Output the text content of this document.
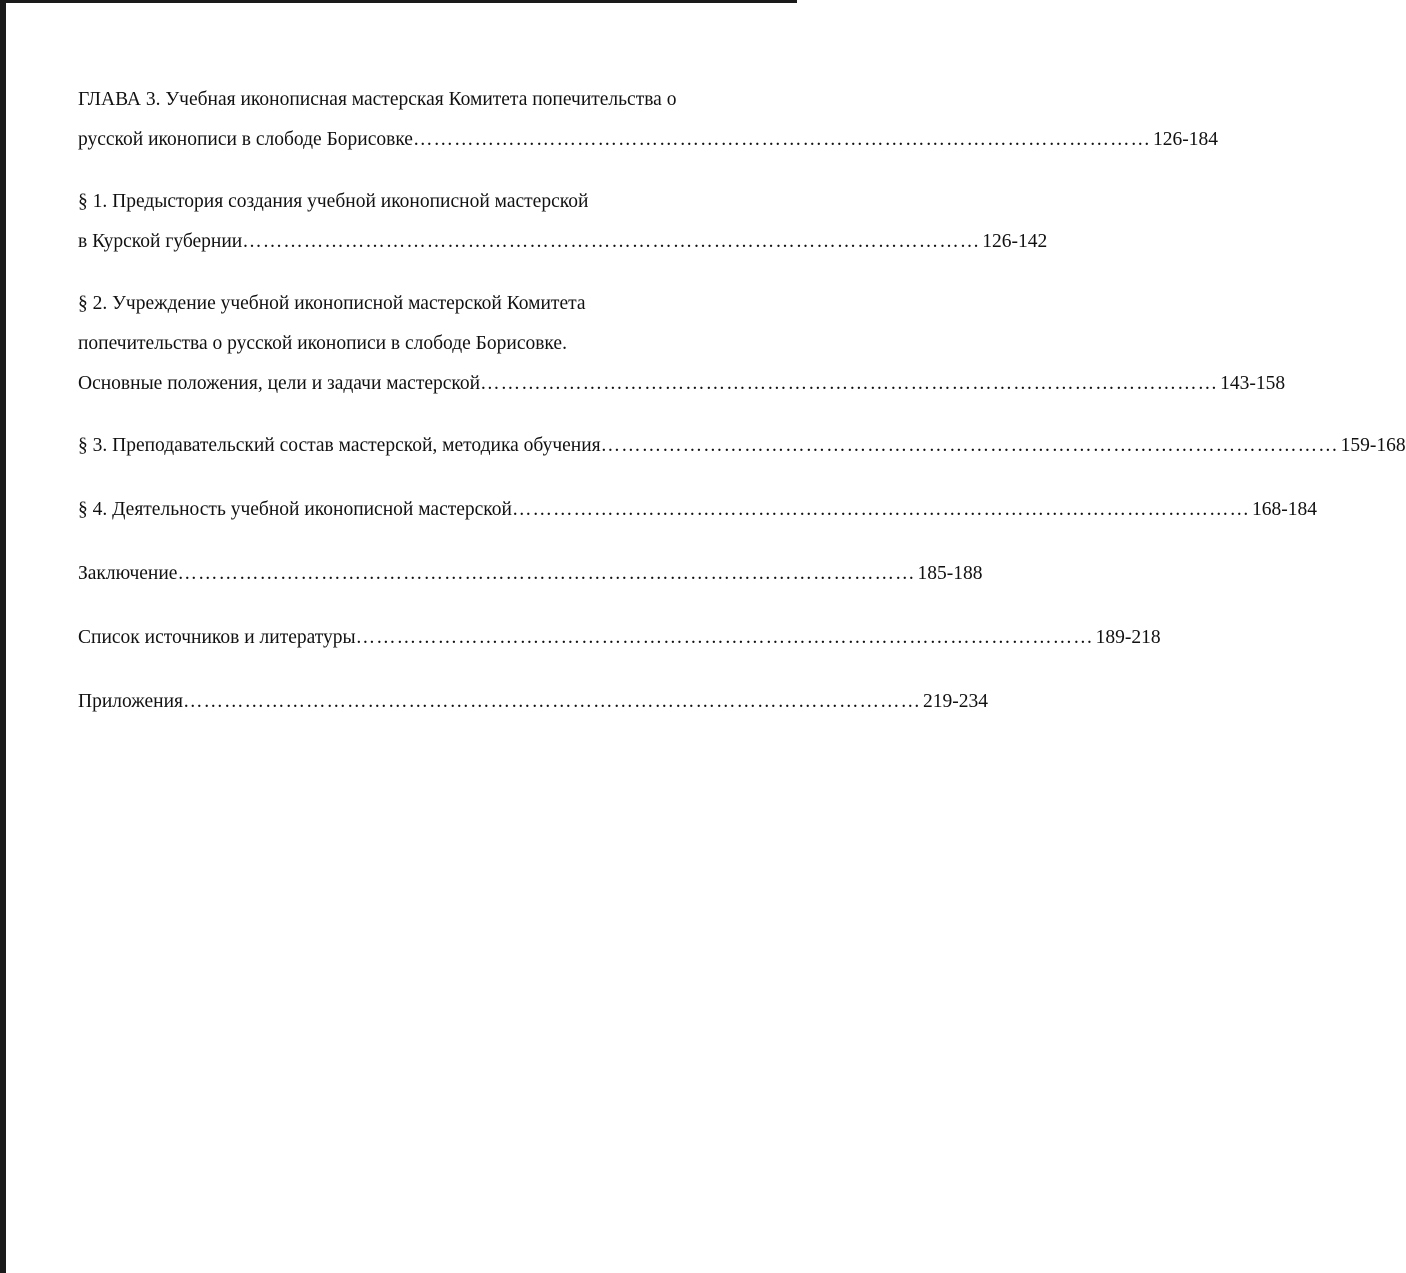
ГЛАВА 3. Учебная иконописная мастерская Комитета попечительства о
русской иконописи в слободе Борисовке ……………………………………………………………………………………………… 126-184
§ 1. Предыстория создания учебной иконописной мастерской
в Курской губернии ……………………………………………………………………………………………… 126-142
§ 2. Учреждение учебной иконописной мастерской Комитета
попечительства о русской иконописи в слободе Борисовке.
Основные положения, цели и задачи мастерской ……………………………………………………………………………………………… 143-158
§ 3. Преподавательский состав мастерской, методика обучения ……………………………………………………………………………………………… 159-168
§ 4. Деятельность учебной иконописной мастерской ……………………………………………………………………………………………… 168-184
Заключение ……………………………………………………………………………………………… 185-188
Список источников и литературы ……………………………………………………………………………………………… 189-218
Приложения ……………………………………………………………………………………………… 219-234
